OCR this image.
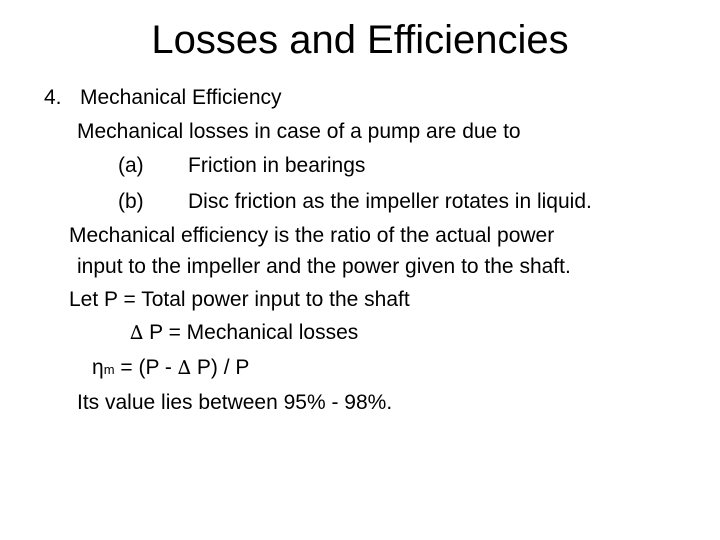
Losses and Efficiencies
4. Mechanical Efficiency
Mechanical losses in case of a pump are due to
(a) Friction in bearings
(b) Disc friction as the impeller rotates in liquid.
Mechanical efficiency is the ratio of the actual power
input to the impeller and the power given to the shaft.
Let P = Total power input to the shaft
∆ P = Mechanical losses
ηm = (P - ∆ P) / P
Its value lies between 95% - 98%.
